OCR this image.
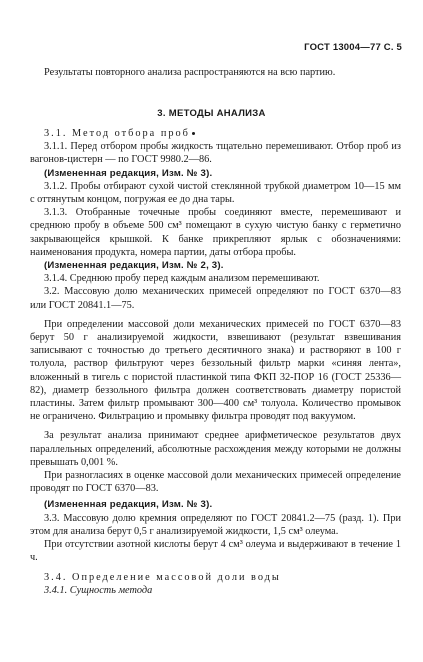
ГОСТ 13004—77 С. 5
Результаты повторного анализа распространяются на всю партию.
3. МЕТОДЫ АНАЛИЗА

3.1. Метод отбора проб

3.1.1. Перед отбором пробы жидкость тщательно перемешивают. Отбор проб из вагонов-цистерн — по ГОСТ 9980.2—86.

(Измененная редакция, Изм. № 3).

3.1.2. Пробы отбирают сухой чистой стеклянной трубкой диаметром 10—15 мм с оттянутым концом, погружая ее до дна тары.

3.1.3. Отобранные точечные пробы соединяют вместе, перемешивают и среднюю пробу в объеме 500 см³ помещают в сухую чистую банку с герметично закрывающейся крышкой. К банке прикрепляют ярлык с обозначениями: наименования продукта, номера партии, даты отбора пробы.

(Измененная редакция, Изм. № 2, 3).

3.1.4. Среднюю пробу перед каждым анализом перемешивают.

3.2. Массовую долю механических примесей определяют по ГОСТ 6370—83 или ГОСТ 20841.1—75.

При определении массовой доли механических примесей по ГОСТ 6370—83 берут 50 г анализируемой жидкости, взвешивают (результат взвешивания записывают с точностью до третьего десятичного знака) и растворяют в 100 г толуола, раствор фильтруют через беззольный фильтр марки «синяя лента», вложенный в тигель с пористой пластинкой типа ФКП 32-ПОР 16 (ГОСТ 25336—82), диаметр беззольного фильтра должен соответствовать диаметру пористой пластины. Затем фильтр промывают 300—400 см³ толуола. Количество промывок не ограничено. Фильтрацию и промывку фильтра проводят под вакуумом.

За результат анализа принимают среднее арифметическое результатов двух параллельных определений, абсолютные расхождения между которыми не должны превышать 0,001 %.

При разногласиях в оценке массовой доли механических примесей определение проводят по ГОСТ 6370—83.

(Измененная редакция, Изм. № 3).

3.3. Массовую долю кремния определяют по ГОСТ 20841.2—75 (разд. 1). При этом для анализа берут 0,5 г анализируемой жидкости, 1,5 см³ олеума.

При отсутствии азотной кислоты берут 4 см³ олеума и выдерживают в течение 1 ч.

3.4. Определение массовой доли воды

3.4.1. Сущность метода
